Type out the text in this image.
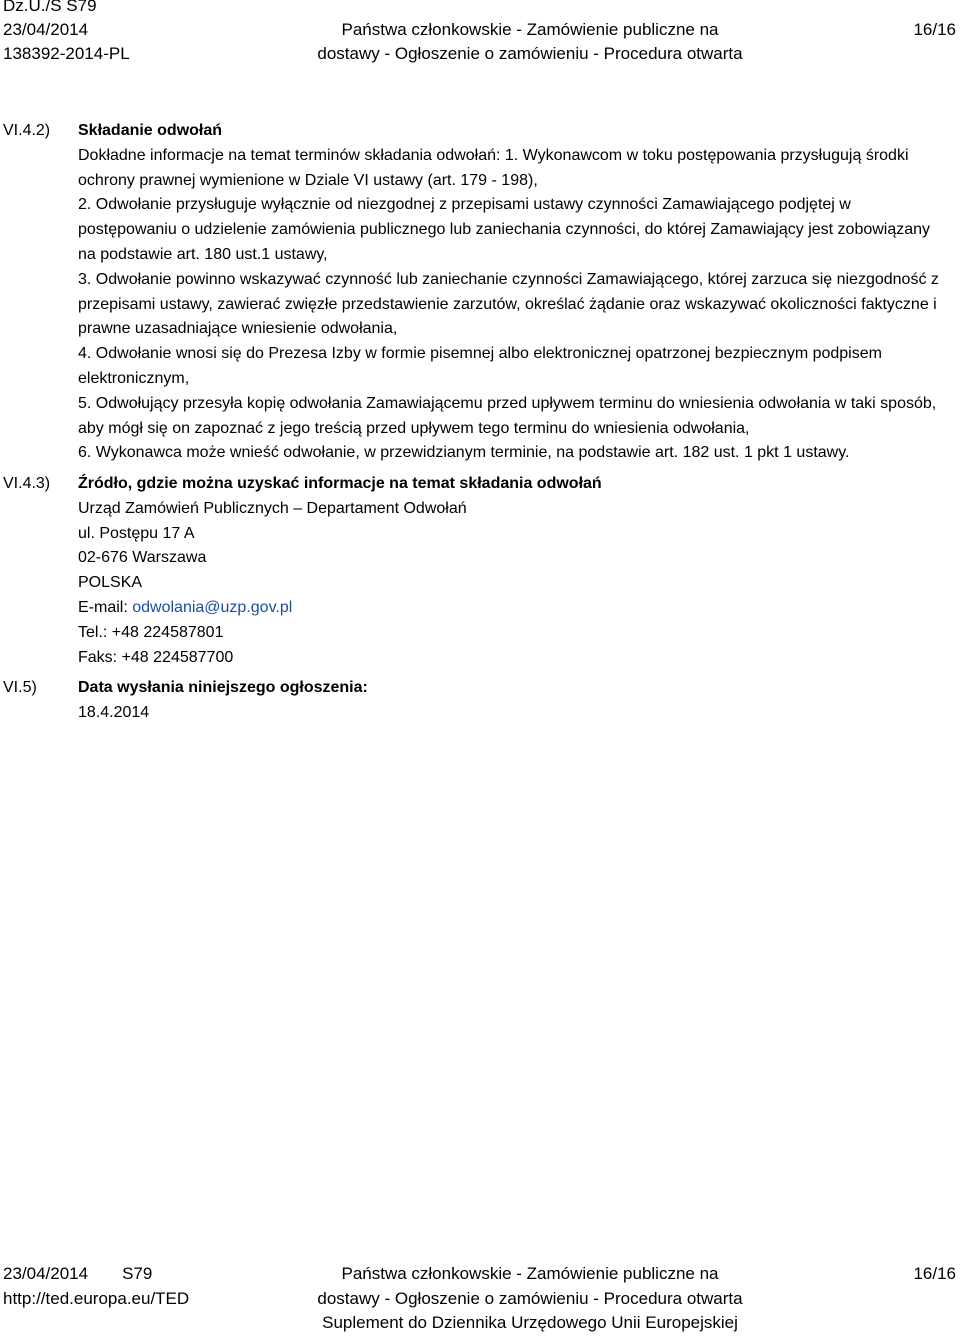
Dz.U./S S79
23/04/2014
138392-2014-PL
Państwa członkowskie - Zamówienie publiczne na
dostawy - Ogłoszenie o zamówieniu - Procedura otwarta
16/16
VI.4.2) Składanie odwołań

Dokładne informacje na temat terminów składania odwołań: 1. Wykonawcom w toku postępowania przysługują środki ochrony prawnej wymienione w Dziale VI ustawy (art. 179 - 198),

2. Odwołanie przysługuje wyłącznie od niezgodnej z przepisami ustawy czynności Zamawiającego podjętej w postępowaniu o udzielenie zamówienia publicznego lub zaniechania czynności, do której Zamawiający jest zobowiązany na podstawie art. 180 ust.1 ustawy,

3. Odwołanie powinno wskazywać czynność lub zaniechanie czynności Zamawiającego, której zarzuca się niezgodność z przepisami ustawy, zawierać zwięzłe przedstawienie zarzutów, określać żądanie oraz wskazywać okoliczności faktyczne i prawne uzasadniające wniesienie odwołania,

4. Odwołanie wnosi się do Prezesa Izby w formie pisemnej albo elektronicznej opatrzonej bezpiecznym podpisem elektronicznym,

5. Odwołujący przesyła kopię odwołania Zamawiającemu przed upływem terminu do wniesienia odwołania w taki sposób, aby mógł się on zapoznać z jego treścią przed upływem tego terminu do wniesienia odwołania,

6. Wykonawca może wnieść odwołanie, w przewidzianym terminie, na podstawie art. 182 ust. 1 pkt 1 ustawy.

VI.4.3) Źródło, gdzie można uzyskać informacje na temat składania odwołań

Urząd Zamówień Publicznych – Departament Odwołań

ul. Postępu 17 A

02-676 Warszawa

POLSKA

E-mail: odwolania@uzp.gov.pl

Tel.: +48 224587801

Faks: +48 224587700

VI.5)	Data wysłania niniejszego ogłoszenia:

18.4.2014

23/04/2014 S79
http://ted.europa.eu/TED
Państwa członkowskie - Zamówienie publiczne na
dostawy - Ogłoszenie o zamówieniu - Procedura otwarta
Suplement do Dziennika Urzędowego Unii Europejskiej
16/16
